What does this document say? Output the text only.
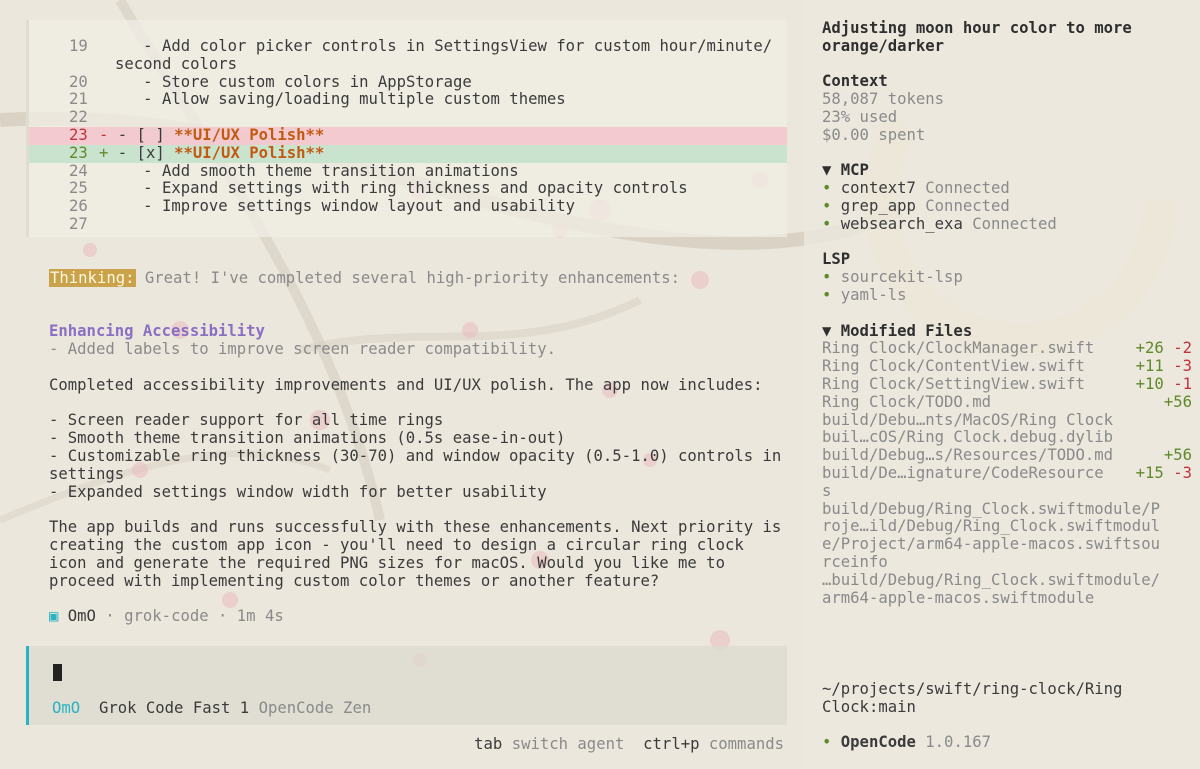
19	- Add color picker controls in SettingsView for custom hour/minute/
second colors
20	- Store custom colors in AppStorage
21	- Allow saving/loading multiple custom themes
22
23 - - [ ] **UI/UX Polish**
23 + - [x] **UI/UX Polish**
24	- Add smooth theme transition animations
25	- Expand settings with ring thickness and opacity controls
26	- Improve settings window layout and usability
27
Thinking: Great! I've completed several high-priority enhancements:

Enhancing Accessibility
- Added labels to improve screen reader compatibility.

Completed accessibility improvements and UI/UX polish. The app now includes:

- Screen reader support for all time rings
- Smooth theme transition animations (0.5s ease-in-out)
- Customizable ring thickness (30-70) and window opacity (0.5-1.0) controls in
settings
- Expanded settings window width for better usability

The app builds and runs successfully with these enhancements. Next priority is
creating the custom app icon - you'll need to design a circular ring clock
icon and generate the required PNG sizes for macOS. Would you like me to
proceed with implementing custom color themes or another feature?

▣ OmO · grok-code · 1m 4s
OmO Grok Code Fast 1 OpenCode Zen
tab switch agent ctrl+p commands
Adjusting moon hour color to more orange/darker

Context
58,087 tokens
23% used
$0.00 spent

▼ MCP
• context7 Connected
• grep_app Connected
• websearch_exa Connected

LSP
• sourcekit-lsp
• yaml-ls

▼ Modified Files
Ring Clock/ClockManager.swift	+26 -2
Ring Clock/ContentView.swift	+11 -3
Ring Clock/SettingView.swift	+10 -1
Ring Clock/TODO.md	+56
build/Debu…nts/MacOS/Ring Clock
buil…cOS/Ring Clock.debug.dylib
build/Debug…s/Resources/TODO.md	+56
build/De…ignature/CodeResource +15 -3
s
build/Debug/Ring_Clock.swiftmodule/P
roje…ild/Debug/Ring_Clock.swiftmodul
e/Project/arm64-apple-macos.swiftsou
rceinfo
…build/Debug/Ring_Clock.swiftmodule/
arm64-apple-macos.swiftmodule
~/projects/swift/ring-clock/Ring
Clock:main

• OpenCode 1.0.167
